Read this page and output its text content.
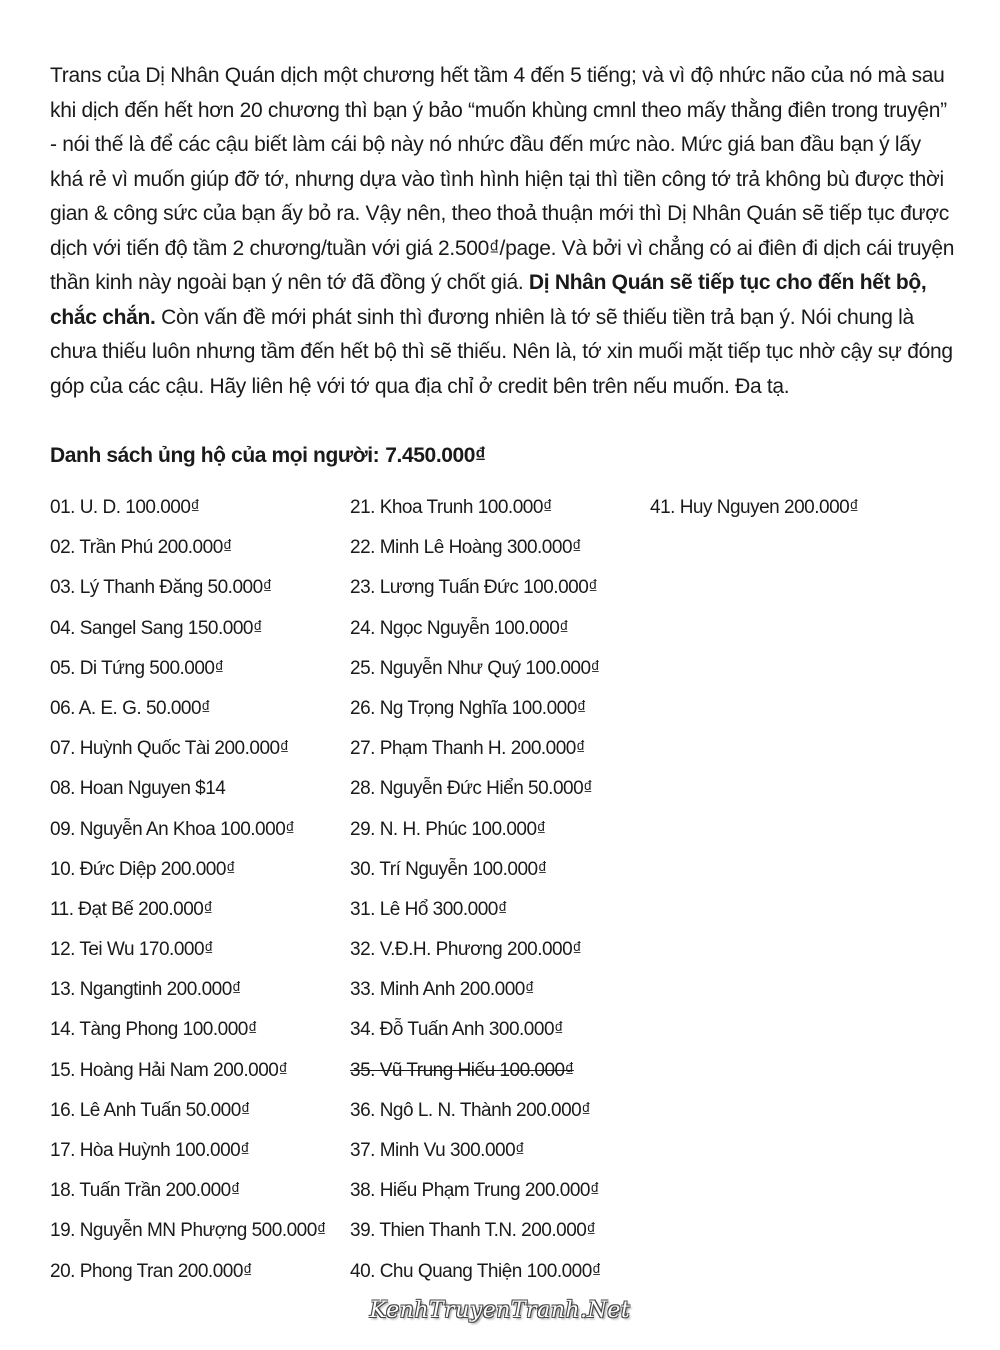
Trans của Dị Nhân Quán dịch một chương hết tầm 4 đến 5 tiếng; và vì độ nhức não của nó mà sau khi dịch đến hết hơn 20 chương thì bạn ý bảo “muốn khùng cmnl theo mấy thằng điên trong truyện” - nói thế là để các cậu biết làm cái bộ này nó nhức đầu đến mức nào. Mức giá ban đầu bạn ý lấy khá rẻ vì muốn giúp đỡ tớ, nhưng dựa vào tình hình hiện tại thì tiền công tớ trả không bù được thời gian & công sức của bạn ấy bỏ ra. Vậy nên, theo thoả thuận mới thì Dị Nhân Quán sẽ tiếp tục được dịch với tiến độ tầm 2 chương/tuần với giá 2.500₫/page. Và bởi vì chẳng có ai điên đi dịch cái truyện thần kinh này ngoài bạn ý nên tớ đã đồng ý chốt giá. Dị Nhân Quán sẽ tiếp tục cho đến hết bộ, chắc chắn. Còn vấn đề mới phát sinh thì đương nhiên là tớ sẽ thiếu tiền trả bạn ý. Nói chung là chưa thiếu luôn nhưng tầm đến hết bộ thì sẽ thiếu. Nên là, tớ xin muối mặt tiếp tục nhờ cậy sự đóng góp của các cậu. Hãy liên hệ với tớ qua địa chỉ ở credit bên trên nếu muốn. Đa tạ.

Danh sách ủng hộ của mọi người: 7.450.000₫
01. U. D. 100.000₫
02. Trần Phú 200.000₫
03. Lý Thanh Đăng 50.000₫
04. Sangel Sang 150.000₫
05. Di Tứng 500.000₫
06. A. E. G. 50.000₫
07. Huỳnh Quốc Tài 200.000₫
08. Hoan Nguyen $14
09. Nguyễn An Khoa 100.000₫
10. Đức Diệp 200.000₫
11. Đạt Bế 200.000₫
12. Tei Wu 170.000₫
13. Ngangtinh 200.000₫
14. Tàng Phong 100.000₫
15. Hoàng Hải Nam 200.000₫
16. Lê Anh Tuấn 50.000₫
17. Hòa Huỳnh 100.000₫
18. Tuấn Trần 200.000₫
19. Nguyễn MN Phượng 500.000₫
20. Phong Tran 200.000₫
21. Khoa Trunh 100.000₫
22. Minh Lê Hoàng 300.000₫
23. Lương Tuấn Đức 100.000₫
24. Ngọc Nguyễn 100.000₫
25. Nguyễn Như Quý 100.000₫
26. Ng Trọng Nghĩa 100.000₫
27. Phạm Thanh H. 200.000₫
28. Nguyễn Đức Hiển 50.000₫
29. N. H. Phúc 100.000₫
30. Trí Nguyễn 100.000₫
31. Lê Hổ 300.000₫
32. V.Đ.H. Phương 200.000₫
33. Minh Anh 200.000₫
34. Đỗ Tuấn Anh 300.000₫
35. Vũ Trung Hiếu 100.000₫
36. Ngô L. N. Thành 200.000₫
37. Minh Vu 300.000₫
38. Hiếu Phạm Trung 200.000₫
39. Thien Thanh T.N. 200.000₫
40. Chu Quang Thiện 100.000₫
41. Huy Nguyen 200.000₫
KenhTruyenTranh.Net
